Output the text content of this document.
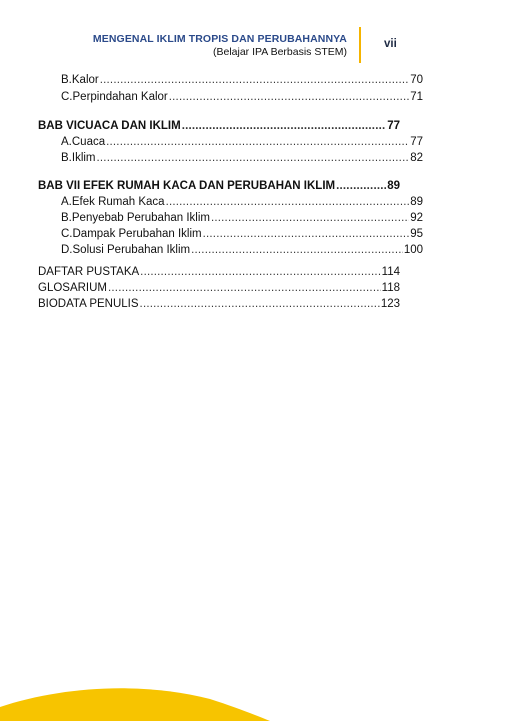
MENGENAL IKLIM TROPIS DAN PERUBAHANNYA
(Belajar IPA Berbasis STEM)
vii
B. Kalor .....	70
C. Perpindahan Kalor .....	71
BAB VI CUACA DAN IKLIM .....	77
A. Cuaca .....	77
B. Iklim .....	82
BAB VII EFEK RUMAH KACA DAN PERUBAHAN IKLIM .....	89
A. Efek Rumah Kaca .....	89
B. Penyebab Perubahan Iklim .....	92
C. Dampak Perubahan Iklim .....	95
D. Solusi Perubahan Iklim .....	100
DAFTAR PUSTAKA .....	114
GLOSARIUM .....	118
BIODATA PENULIS .....	123
